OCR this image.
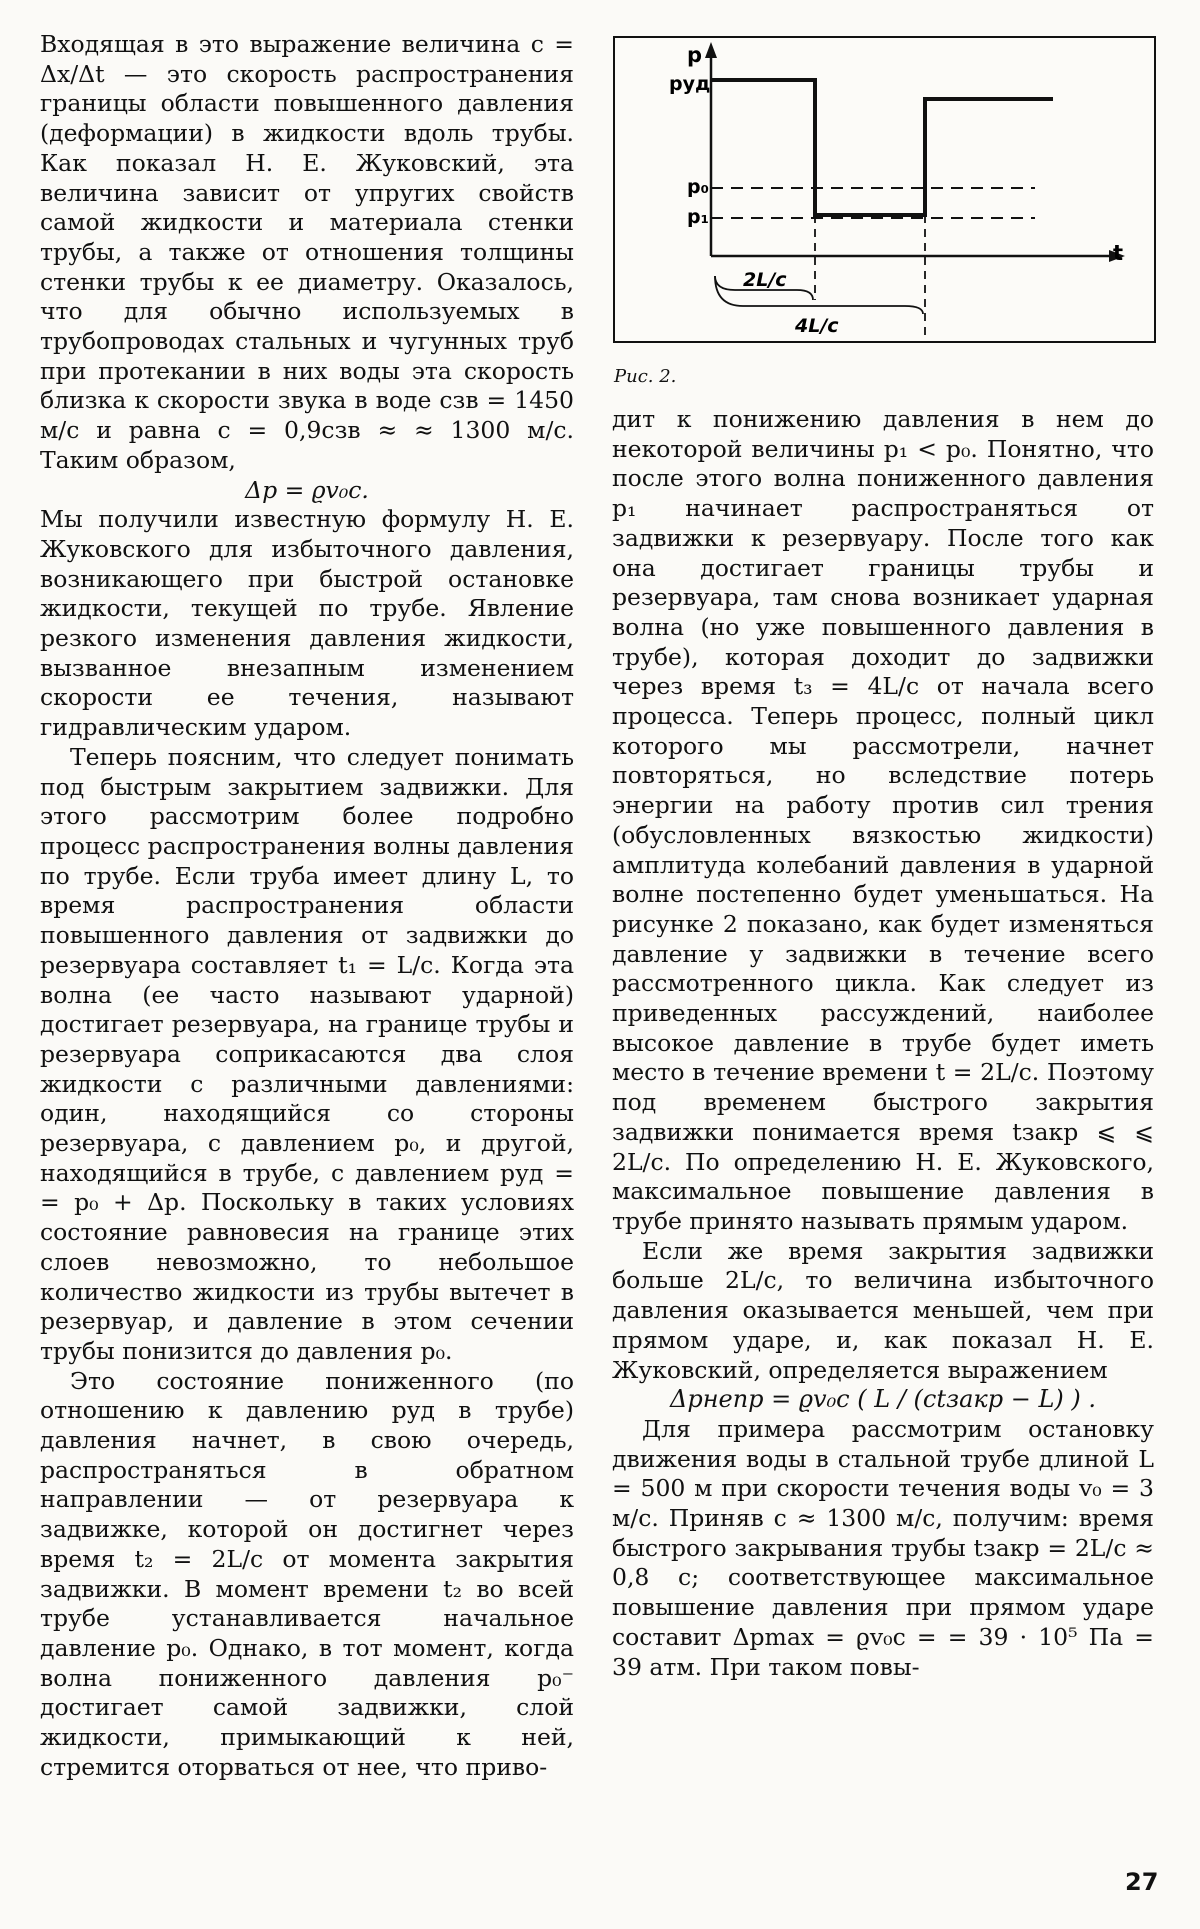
Входящая в это выражение величина c = Δx/Δt — это скорость распространения границы области повышенного давления (деформации) в жидкости вдоль трубы. Как показал Н. Е. Жуковский, эта величина зависит от упругих свойств самой жидкости и материала стенки трубы, а также от отношения толщины стенки трубы к ее диаметру. Оказалось, что для обычно используемых в трубопроводах стальных и чугунных труб при протекании в них воды эта скорость близка к скорости звука в воде cзв = 1450 м/с и равна c = 0,9cзв ≈ ≈ 1300 м/с. Таким образом,

Δp = ϱv₀c.

Мы получили известную формулу Н. Е. Жуковского для избыточного давления, возникающего при быстрой остановке жидкости, текущей по трубе. Явление резкого изменения давления жидкости, вызванное внезапным изменением скорости ее течения, называют гидравлическим ударом.

Теперь поясним, что следует понимать под быстрым закрытием задвижки. Для этого рассмотрим более подробно процесс распространения волны давления по трубе. Если труба имеет длину L, то время распространения области повышенного давления от задвижки до резервуара составляет t₁ = L/c. Когда эта волна (ее часто называют ударной) достигает резервуара, на границе трубы и резервуара соприкасаются два слоя жидкости с различными давлениями: один, находящийся со стороны резервуара, с давлением p₀, и другой, находящийся в трубе, с давлением pуд = = p₀ + Δp. Поскольку в таких условиях состояние равновесия на границе этих слоев невозможно, то небольшое количество жидкости из трубы вытечет в резервуар, и давление в этом сечении трубы понизится до давления p₀.

Это состояние пониженного (по отношению к давлению pуд в трубе) давления начнет, в свою очередь, распространяться в обратном направлении — от резервуара к задвижке, которой он достигнет через время t₂ = 2L/c от момента закрытия задвижки. В момент времени t₂ во всей трубе устанавливается начальное давление p₀. Однако, в тот момент, когда волна пониженного давления p₀⁻ достигает самой задвижки, слой жидкости, примыкающий к ней, стремится оторваться от нее, что приво-

p
pуд
p₀
p₁
t
2L/c
4L/c
Рис. 2.

дит к понижению давления в нем до некоторой величины p₁ < p₀. Понятно, что после этого волна пониженного давления p₁ начинает распространяться от задвижки к резервуару. После того как она достигает границы трубы и резервуара, там снова возникает ударная волна (но уже повышенного давления в трубе), которая доходит до задвижки через время t₃ = 4L/c от начала всего процесса. Теперь процесс, полный цикл которого мы рассмотрели, начнет повторяться, но вследствие потерь энергии на работу против сил трения (обусловленных вязкостью жидкости) амплитуда колебаний давления в ударной волне постепенно будет уменьшаться. На рисунке 2 показано, как будет изменяться давление у задвижки в течение всего рассмотренного цикла. Как следует из приведенных рассуждений, наиболее высокое давление в трубе будет иметь место в течение времени t = 2L/c. Поэтому под временем быстрого закрытия задвижки понимается время tзакр ⩽ ⩽ 2L/c. По определению Н. Е. Жуковского, максимальное повышение давления в трубе принято называть прямым ударом.

Если же время закрытия задвижки больше 2L/c, то величина избыточного давления оказывается меньшей, чем при прямом ударе, и, как показал Н. Е. Жуковский, определяется выражением

Δpнепр = ϱv₀c ( L / (ctзакр − L) ) .

Для примера рассмотрим остановку движения воды в стальной трубе длиной L = 500 м при скорости течения воды v₀ = 3 м/с. Приняв c ≈ 1300 м/с, получим: время быстрого закрывания трубы tзакр = 2L/c ≈ 0,8 с; соответствующее максимальное повышение давления при прямом ударе составит Δpmax = ϱv₀c = = 39 · 10⁵ Па = 39 атм. При таком повы-

27
